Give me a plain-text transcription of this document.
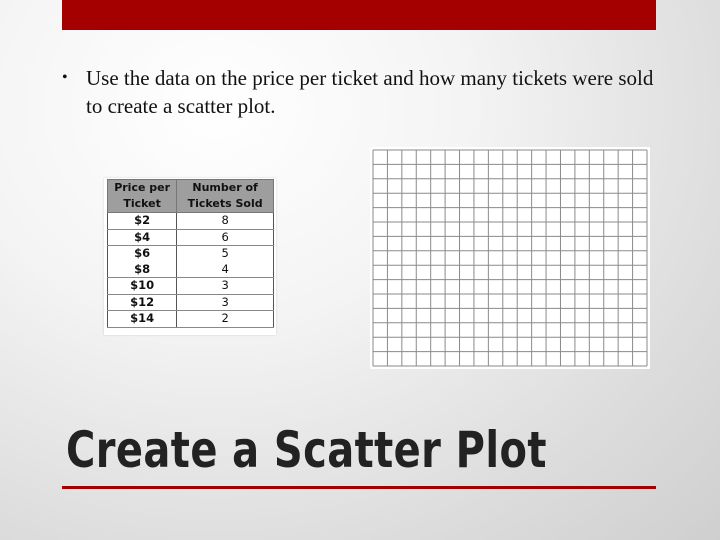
• Use the data on the price per ticket and how many tickets were sold to create a scatter plot.
Price per Ticket	Number of Tickets Sold
$2	8
$4	6
$6	5
$8	4
$10	3
$12	3
$14	2
Create a Scatter Plot
